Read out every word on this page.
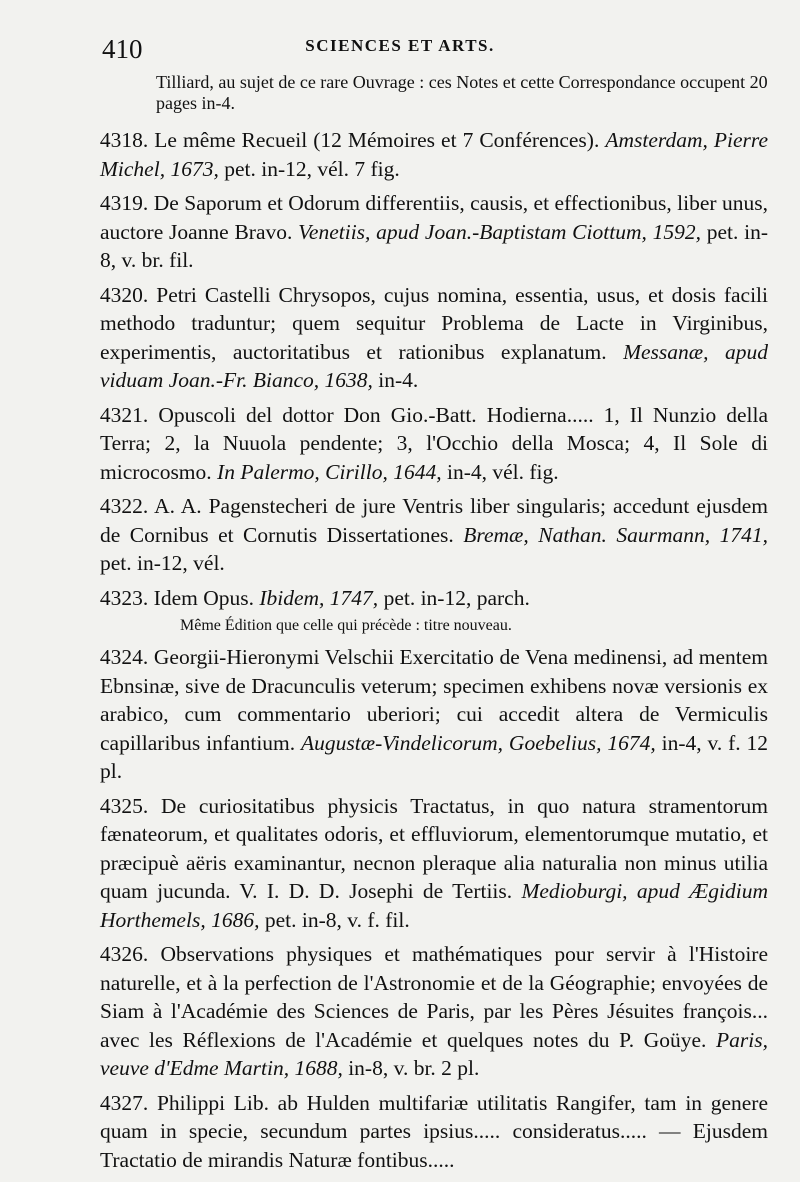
410	SCIENCES ET ARTS.

Tilliard, au sujet de ce rare Ouvrage : ces Notes et cette Correspondance occupent 20 pages in-4.

4318. Le même Recueil (12 Mémoires et 7 Conférences). Amsterdam, Pierre Michel, 1673, pet. in-12, vél. 7 fig.

4319. De Saporum et Odorum differentiis, causis, et effectionibus, liber unus, auctore Joanne Bravo. Venetiis, apud Joan.-Baptistam Ciottum, 1592, pet. in-8, v. br. fil.

4320. Petri Castelli Chrysopos, cujus nomina, essentia, usus, et dosis facili methodo traduntur; quem sequitur Problema de Lacte in Virginibus, experimentis, auctoritatibus et rationibus explanatum. Messanæ, apud viduam Joan.-Fr. Bianco, 1638, in-4.

4321. Opuscoli del dottor Don Gio.-Batt. Hodierna..... 1, Il Nunzio della Terra; 2, la Nuuola pendente; 3, l'Occhio della Mosca; 4, Il Sole di microcosmo. In Palermo, Cirillo, 1644, in-4, vél. fig.

4322. A. A. Pagenstecheri de jure Ventris liber singularis; accedunt ejusdem de Cornibus et Cornutis Dissertationes. Bremæ, Nathan. Saurmann, 1741, pet. in-12, vél.

4323. Idem Opus. Ibidem, 1747, pet. in-12, parch.

Même Édition que celle qui précède : titre nouveau.

4324. Georgii-Hieronymi Velschii Exercitatio de Vena medinensi, ad mentem Ebnsinæ, sive de Dracunculis veterum; specimen exhibens novæ versionis ex arabico, cum commentario uberiori; cui accedit altera de Vermiculis capillaribus infantium. Augustæ-Vindelicorum, Goebelius, 1674, in-4, v. f. 12 pl.

4325. De curiositatibus physicis Tractatus, in quo natura stramentorum fænateorum, et qualitates odoris, et effluviorum, elementorumque mutatio, et præcipuè aëris examinantur, necnon pleraque alia naturalia non minus utilia quam jucunda. V. I. D. D. Josephi de Tertiis. Medioburgi, apud Ægidium Horthemels, 1686, pet. in-8, v. f. fil.

4326. Observations physiques et mathématiques pour servir à l'Histoire naturelle, et à la perfection de l'Astronomie et de la Géographie; envoyées de Siam à l'Académie des Sciences de Paris, par les Pères Jésuites françois... avec les Réflexions de l'Académie et quelques notes du P. Goüye. Paris, veuve d'Edme Martin, 1688, in-8, v. br. 2 pl.

4327. Philippi Lib. ab Hulden multifariæ utilitatis Rangifer, tam in genere quam in specie, secundum partes ipsius..... consideratus..... — Ejusdem Tractatio de mirandis Naturæ fontibus.....
